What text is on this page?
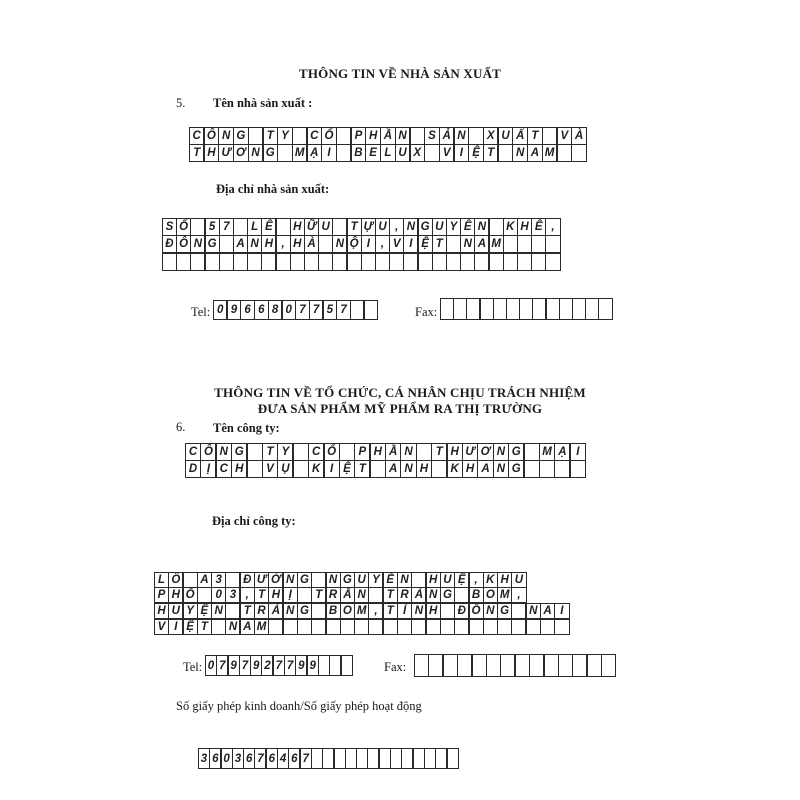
THÔNG TIN VỀ NHÀ SẢN XUẤT
5. Tên nhà sản xuất :
C Ô N G	T Y	C Ổ	P H Ầ N	S Ả N	X U Ấ T	V À
T H Ư Ơ N G	M Ạ I	B E L U X	V I Ệ T	N A M
Địa chỉ nhà sản xuất:
S Ố	5 7	L Ê	H Ữ U	T Ự U , N G U Y Ê N	K H Ê ,
Đ Ô N G	A N H , H À	N Ộ I , V I Ệ T	N A M
Tel: 0 9 6 6 8 0 7 7 5 7	Fax:
THÔNG TIN VỀ TỔ CHỨC, CÁ NHÂN CHỊU TRÁCH NHIỆM
ĐƯA SẢN PHẨM MỸ PHẨM RA THỊ TRƯỜNG
6. Tên công ty:
C Ô N G	T Y	C Ổ	P H Ầ N	T H Ư Ơ N G	M Ạ I
D Ị C H	V Ụ	K I Ệ T	A N H	K H A N G
Địa chỉ công ty:
L Ô	A 3	Đ Ư Ờ N G	N G U Y Ễ N	H U Ệ , K H U
P H Ố	0 3 , T H Ị	T R Ấ N	T R Ả N G	B O M ,
H U Y Ệ N	T R Ả N G	B O M , T Ỉ N H	Đ Ồ N G	N A I
V I Ệ T	N A M
Tel: 0 7 9 7 9 2 7 7 9 9	Fax:
Số giấy phép kinh doanh/Số giấy phép hoạt động
3 6 0 3 6 7 6 4 6 7
